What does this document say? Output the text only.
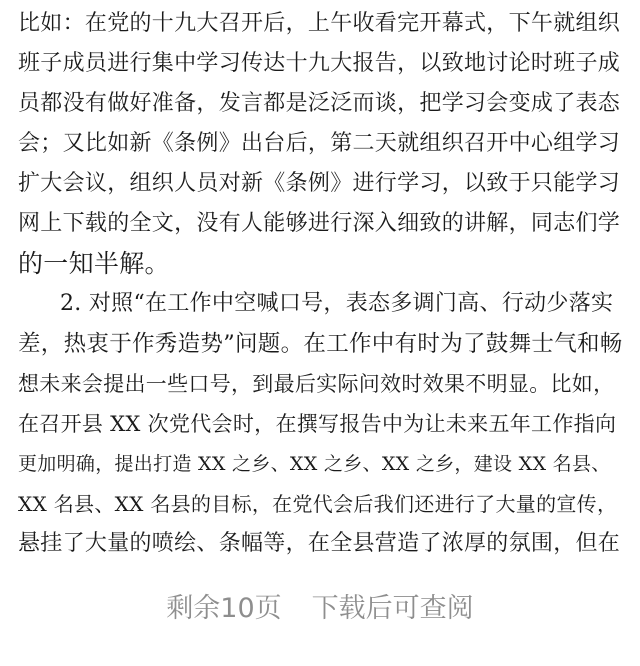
比如：在党的十九大召开后，上午收看完开幕式，下午就组织
班子成员进行集中学习传达十九大报告，以致地讨论时班子成
员都没有做好准备，发言都是泛泛而谈，把学习会变成了表态
会；又比如新《条例》出台后，第二天就组织召开中心组学习
扩大会议，组织人员对新《条例》进行学习，以致于只能学习
网上下载的全文，没有人能够进行深入细致的讲解，同志们学
的一知半解。
2. 对照“在工作中空喊口号，表态多调门高、行动少落实
差，热衷于作秀造势”问题。在工作中有时为了鼓舞士气和畅
想未来会提出一些口号，到最后实际问效时效果不明显。比如，
在召开县 XX 次党代会时，在撰写报告中为让未来五年工作指向
更加明确，提出打造 XX 之乡、XX 之乡、XX 之乡，建设 XX 名县、
XX 名县、XX 名县的目标，在党代会后我们还进行了大量的宣传，
悬挂了大量的喷绘、条幅等，在全县营造了浓厚的氛围，但在
剩余10页 下载后可查阅
